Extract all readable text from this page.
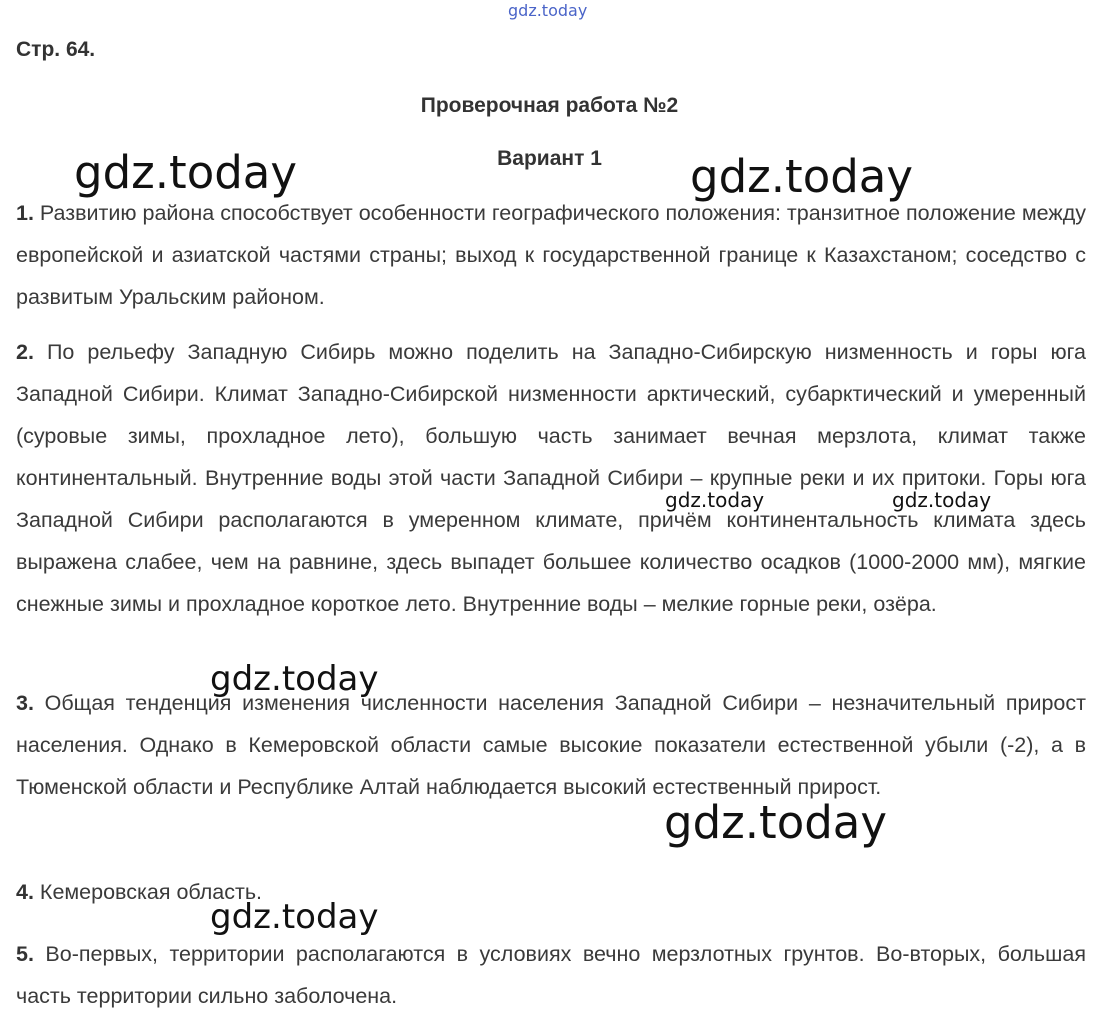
gdz.today
gdz.today	gdz.today
gdz.today	gdz.today
gdz.today
gdz.today
gdz.today
Стр. 64.
Проверочная работа №2
Вариант 1

1. Развитию района способствует особенности географического положения: транзитное положение между европейской и азиатской частями страны; выход к государственной границе к Казахстаном; соседство с развитым Уральским районом.

2. По рельефу Западную Сибирь можно поделить на Западно-Сибирскую низменность и горы юга Западной Сибири. Климат Западно-Сибирской низменности арктический, субарктический и умеренный (суровые зимы, прохладное лето), большую часть занимает вечная мерзлота, климат также континентальный. Внутренние воды этой части Западной Сибири – крупные реки и их притоки. Горы юга Западной Сибири располагаются в умеренном климате, причём континентальность климата здесь выражена слабее, чем на равнине, здесь выпадет большее количество осадков (1000-2000 мм), мягкие снежные зимы и прохладное короткое лето. Внутренние воды – мелкие горные реки, озёра.

3. Общая тенденция изменения численности населения Западной Сибири – незначительный прирост населения. Однако в Кемеровской области самые высокие показатели естественной убыли (-2), а в Тюменской области и Республике Алтай наблюдается высокий естественный прирост.

4. Кемеровская область.

5. Во-первых, территории располагаются в условиях вечно мерзлотных грунтов. Во-вторых, большая часть территории сильно заболочена.
